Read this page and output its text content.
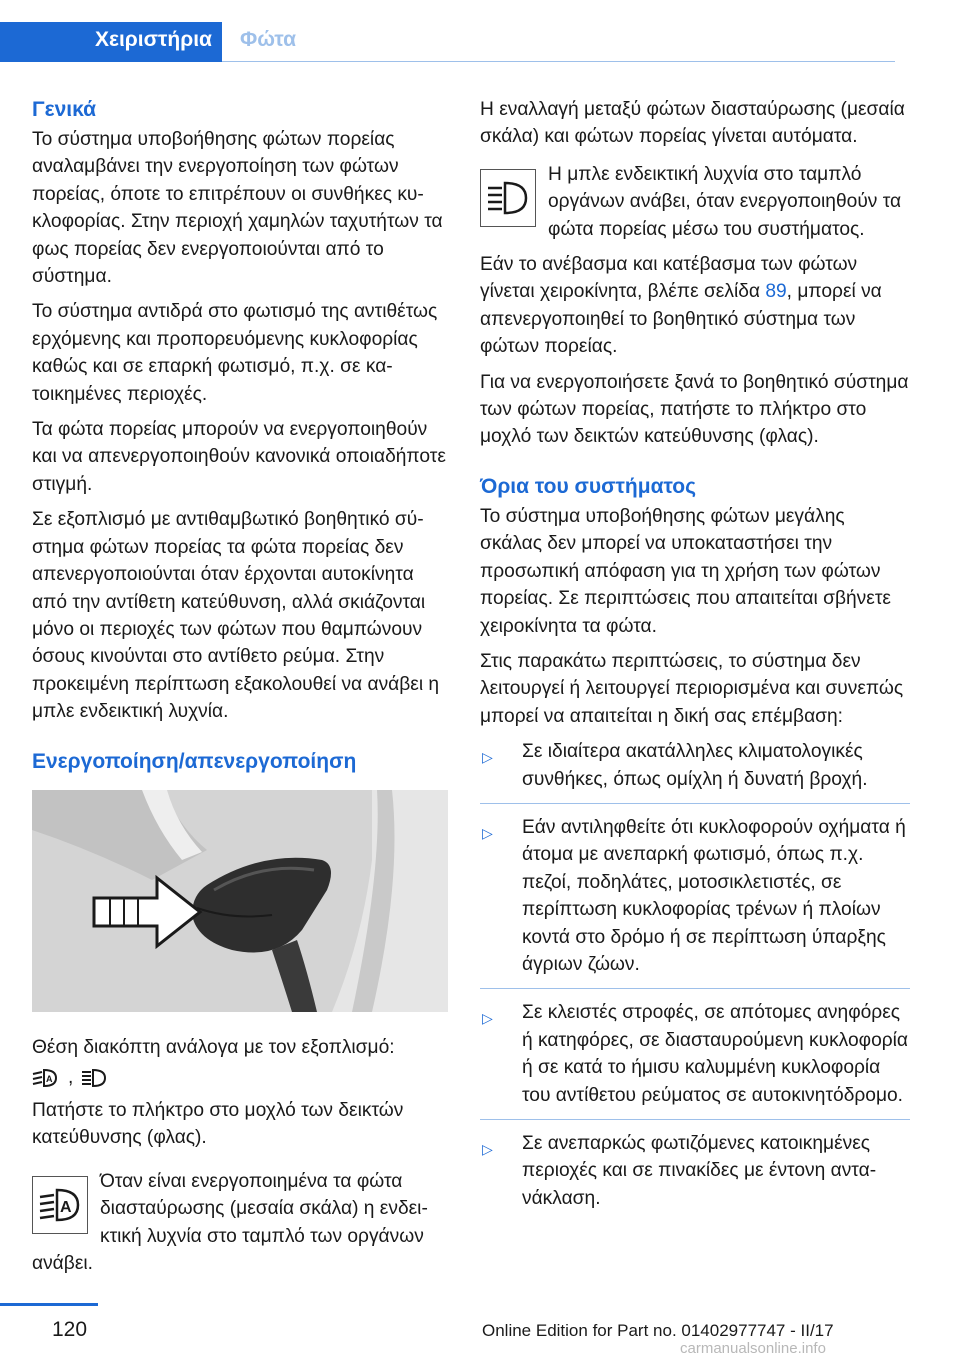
Χειριστήρια	Φώτα
Γενικά

Το σύστημα υποβοήθησης φώτων πορείας αναλαμβάνει την ενεργοποίηση των φώτων πορείας, όποτε το επιτρέπουν οι συνθήκες κυκλοφορίας. Στην περιοχή χαμηλών ταχυτήτων τα φως πορείας δεν ενεργοποιούνται από το σύστημα.

Το σύστημα αντιδρά στο φωτισμό της αντιθέτως ερχόμενης και προπορευόμενης κυκλοφορίας καθώς και σε επαρκή φωτισμό, π.χ. σε κατοικημένες περιοχές.

Τα φώτα πορείας μπορούν να ενεργοποιηθούν και να απενεργοποιηθούν κανονικά οποιαδήποτε στιγμή.

Σε εξοπλισμό με αντιθαμβωτικό βοηθητικό σύστημα φώτων πορείας τα φώτα πορείας δεν απενεργοποιούνται όταν έρχονται αυτοκίνητα από την αντίθετη κατεύθυνση, αλλά σκιάζονται μόνο οι περιοχές των φώτων που θαμπώνουν όσους κινούνται στο αντίθετο ρεύμα. Στην προκειμένη περίπτωση εξακολουθεί να ανάβει η μπλε ενδεικτική λυχνία.

Ενεργοποίηση/απενεργοποίηση

Θέση διακόπτη ανάλογα με τον εξοπλισμό:

A ,

Πατήστε το πλήκτρο στο μοχλό των δεικτών κατεύθυνσης (φλας).

A
Όταν είναι ενεργοποιημένα τα φώτα διασταύρωσης (μεσαία σκάλα) η ενδεικτική λυχνία στο ταμπλό των οργάνων ανάβει.

Η εναλλαγή μεταξύ φώτων διασταύρωσης (μεσαία σκάλα) και φώτων πορείας γίνεται αυτόματα.

Η μπλε ενδεικτική λυχνία στο ταμπλό οργάνων ανάβει, όταν ενεργοποιηθούν τα φώτα πορείας μέσω του συστήματος.

Εάν το ανέβασμα και κατέβασμα των φώτων γίνεται χειροκίνητα, βλέπε σελίδα 89, μπορεί να απενεργοποιηθεί το βοηθητικό σύστημα των φώτων πορείας.

Για να ενεργοποιήσετε ξανά το βοηθητικό σύστημα των φώτων πορείας, πατήστε το πλήκτρο στο μοχλό των δεικτών κατεύθυνσης (φλας).

Όρια του συστήματος

Το σύστημα υποβοήθησης φώτων μεγάλης σκάλας δεν μπορεί να υποκαταστήσει την προσωπική απόφαση για τη χρήση των φώτων πορείας. Σε περιπτώσεις που απαιτείται σβήνετε χειροκίνητα τα φώτα.

Στις παρακάτω περιπτώσεις, το σύστημα δεν λειτουργεί ή λειτουργεί περιορισμένα και συνεπώς μπορεί να απαιτείται η δική σας επέμβαση:

▷ Σε ιδιαίτερα ακατάλληλες κλιματολογικές συνθήκες, όπως ομίχλη ή δυνατή βροχή.
▷ Εάν αντιληφθείτε ότι κυκλοφορούν οχήματα ή άτομα με ανεπαρκή φωτισμό, όπως π.χ. πεζοί, ποδηλάτες, μοτοσικλετιστές, σε περίπτωση κυκλοφορίας τρένων ή πλοίων κοντά στο δρόμο ή σε περίπτωση ύπαρξης άγριων ζώων.
▷ Σε κλειστές στροφές, σε απότομες ανηφόρες ή κατηφόρες, σε διασταυρούμενη κυκλοφορία ή σε κατά το ήμισυ καλυμμένη κυκλοφορία του αντίθετου ρεύματος σε αυτοκινητόδρομο.
▷ Σε ανεπαρκώς φωτιζόμενες κατοικημένες περιοχές και σε πινακίδες με έντονη αντανάκλαση.
120	Online Edition for Part no. 01402977747 - II/17
carmanualsonline.info
